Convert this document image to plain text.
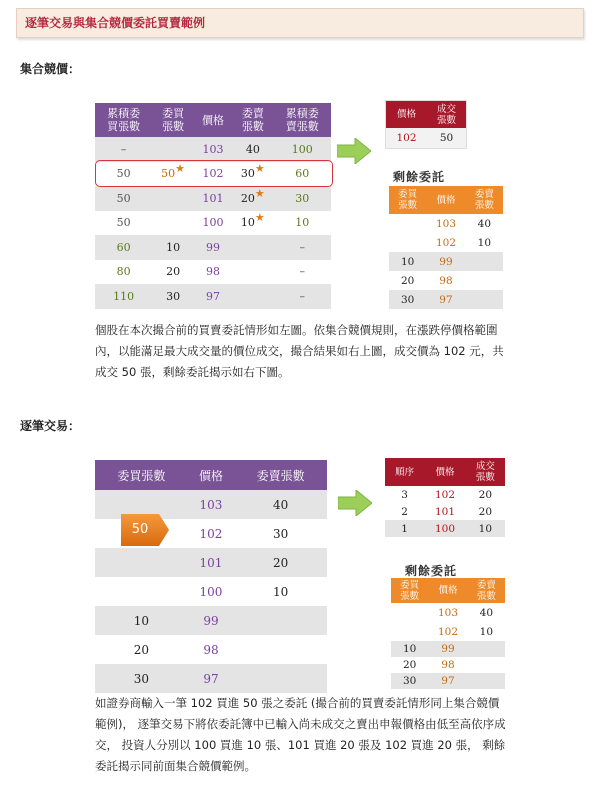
逐筆交易與集合競價委託買賣範例
集合競價：
累積委
買張數	委買
張數	價格	委賣
張數	累積委
賣張數
–		103	40	100
50	50★	102	30★	60
50		101	20★	30
50		100	10★	10
60	10	99		–
80	20	98		–
110	30	97		–
價格	成交
張數
102	50
剩餘委託
委買
張數	價格	委賣
張數
	103	40
	102	10
10	99	
20	98	
30	97	
個股在本次撮合前的買賣委託情形如左圖。依集合競價規則，在漲跌停價格範圍內，以能滿足最大成交量的價位成交，撮合結果如右上圖，成交價為 102 元，共成交 50 張，剩餘委託揭示如右下圖。
逐筆交易：
委買張數	價格	委賣張數
	103	40
	102	30
	101	20
	100	10
10	99	
20	98	
30	97	
50
順序	價格	成交
張數
3	102	20
2	101	20
1	100	10
剩餘委託
委買
張數	價格	委賣
張數
	103	40
	102	10
10	99	
20	98	
30	97	
如證券商輸入一筆 102 買進 50 張之委託 (撮合前的買賣委託情形同上集合競價範例)， 逐筆交易下將依委託簿中已輸入尚未成交之賣出申報價格由低至高依序成交， 投資人分別以 100 買進 10 張、101 買進 20 張及 102 買進 20 張， 剩餘委託揭示同前面集合競價範例。
